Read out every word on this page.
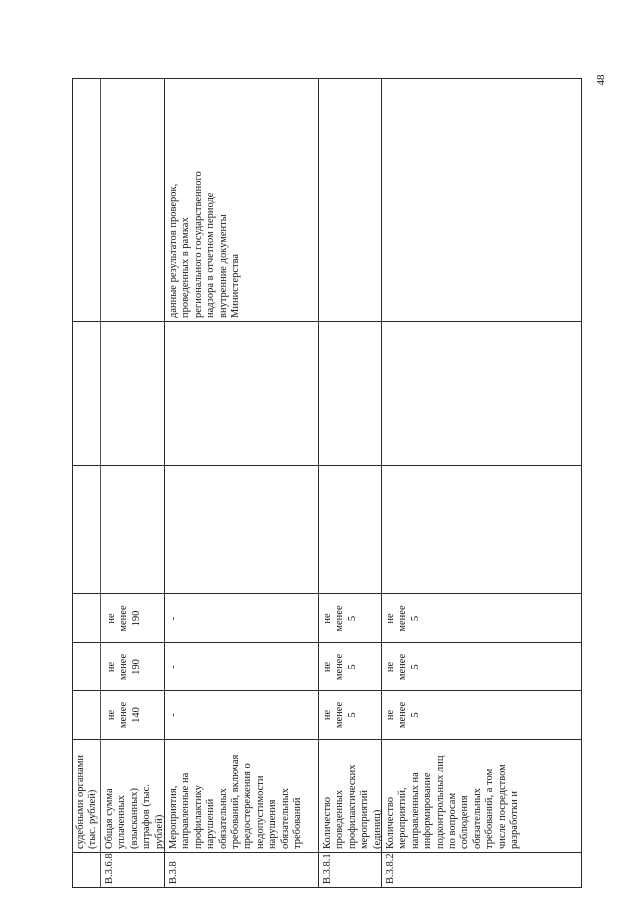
48
судебными органами
(тыс. рублей)
В.3.6.8
Общая сумма
уплаченных
(взысканных)
штрафов (тыс.
рублей)
не
менее
140
не
менее
190
не
менее
190
В.3.8
Мероприятия,
направленные на
профилактику
нарушений
обязательных
требований, включая
предостережения о
недопустимости
нарушения
обязательных
требований
-
-
-
данные результатов проверок,
проведенных в рамках
регионального государственного
надзора в отчетном периоде
внутренние документы
Министерства
В.3.8.1
Количество
проведенных
профилактических
мероприятий
(единиц)
не
менее
5
не
менее
5
не
менее
5
В.3.8.2
Количество
мероприятий,
направленных на
информирование
подконтрольных лиц
по вопросам
соблюдения
обязательных
требований, а том
числе посредством
разработки и
не
менее
5
не
менее
5
не
менее
5
